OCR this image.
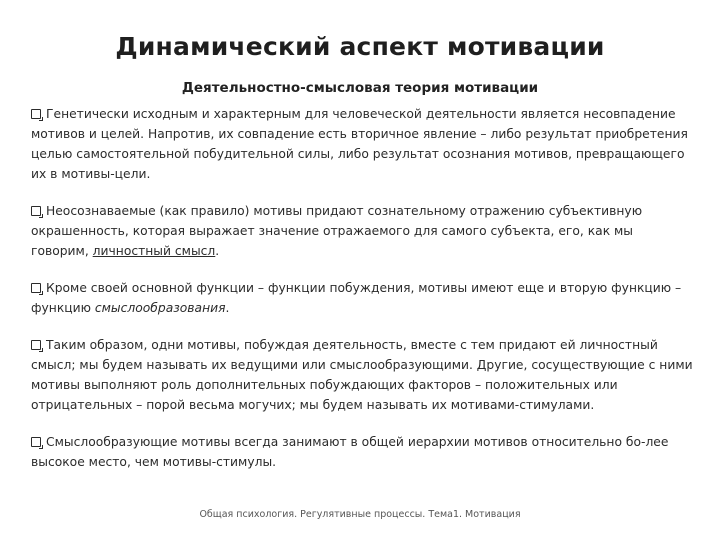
Динамический аспект мотивации
Деятельностно-смысловая теория мотивации

Генетически исходным и характерным для человеческой деятельности является несовпадение мотивов и целей. Напротив, их совпадение есть вторичное явление – либо результат приобретения целью самостоятельной побудительной силы, либо результат осознания мотивов, превращающего их в мотивы-цели.

Неосознаваемые (как правило) мотивы придают сознательному отражению субъективную окрашенность, которая выражает значение отражаемого для самого субъекта, его, как мы говорим, личностный смысл.

Кроме своей основной функции – функции побуждения, мотивы имеют еще и вторую функцию – функцию смыслообразования.

Таким образом, одни мотивы, побуждая деятельность, вместе с тем придают ей личностный смысл; мы будем называть их ведущими или смыслообразующими. Другие, сосуществующие с ними мотивы выполняют роль дополнительных побуждающих факторов – положительных или отрицательных – порой весьма могучих; мы будем называть их мотивами-стимулами.

Смыслообразующие мотивы всегда занимают в общей иерархии мотивов относительно бо-лее высокое место, чем мотивы-стимулы.

Общая психология. Регулятивные процессы. Тема1. Мотивация
